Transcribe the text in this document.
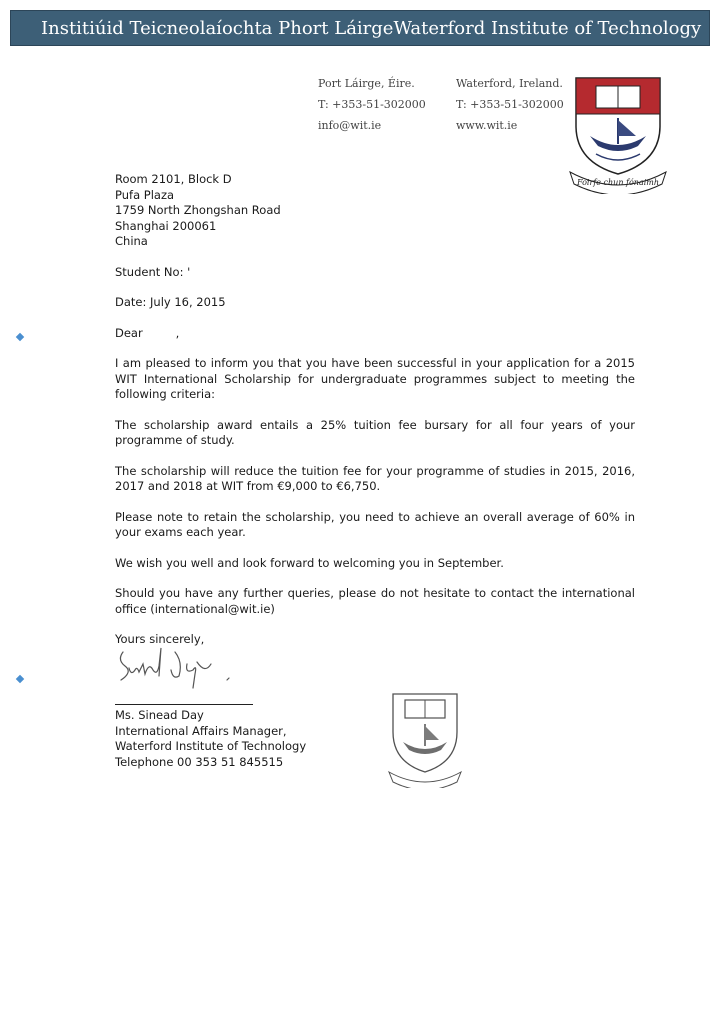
Institiúid Teicneolaíochta Phort Láirge Waterford Institute of Technology
Port Láirge, Éire.
T: +353-51-302000
info@wit.ie
Waterford, Ireland.
T: +353-51-302000
www.wit.ie
Foirfe chun fónaimh
Room 2101, Block D
Pufa Plaza
1759 North Zhongshan Road
Shanghai 200061
China

Student No: '

Date: July 16, 2015

Dear         ,

I am pleased to inform you that you have been successful in your application for a 2015 WIT International Scholarship for undergraduate programmes subject to meeting the following criteria:

The scholarship award entails a 25% tuition fee bursary for all four years of your programme of study.

The scholarship will reduce the tuition fee for your programme of studies in 2015, 2016, 2017 and 2018 at WIT from €9,000 to €6,750.

Please note to retain the scholarship, you need to achieve an overall average of 60% in your exams each year.

We wish you well and look forward to welcoming you in September.

Should you have any further queries, please do not hesitate to contact the international office (international@wit.ie)

Yours sincerely,

Ms. Sinead Day
International Affairs Manager,
Waterford Institute of Technology
Telephone 00 353 51 845515
